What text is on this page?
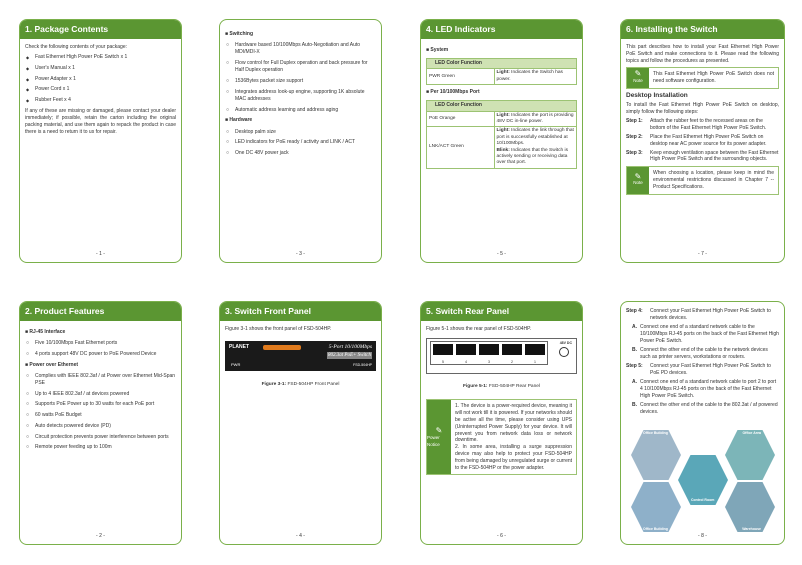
1. Package Contents

Check the following contents of your package:

◆ Fast Ethernet High Power PoE Switch x 1
◆ User's Manual x 1
◆ Power Adapter x 1
◆ Power Cord x 1
◆ Rubber Feet x 4

If any of these are missing or damaged, please contact your dealer immediately; if possible, retain the carton including the original packing material, and use them again to repack the product in case there is a need to return it to us for repair.

- 1 -
■ Switching
○ Hardware based 10/100Mbps Auto-Negotiation and Auto MDI/MDI-X
○ Flow control for Full Duplex operation and back pressure for Half Duplex operation
○ 1536Bytes packet size support
○ Integrates address look-up engine, supporting 1K absolute MAC addresses
○ Automatic address learning and address aging
■ Hardware
○ Desktop palm size
○ LED indicators for PoE ready / activity and LINK / ACT
○ One DC 48V power jack
- 3 -
4. LED Indicators
■ System
LED Color Function
PWR Green	Light: Indicates the Switch has power.
■ Per 10/100Mbps Port
LED Color Function	
PoE Orange	Light: Indicates the port is providing 48V DC in-line power.
LNK/ACT Green	Light: Indicates the link through that port is successfully established at 10/100Mbps.
Blink: Indicates that the Switch is actively sending or receiving data over that port.
- 5 -
6. Installing the Switch

This part describes how to install your Fast Ethernet High Power PoE Switch and make connections to it. Please read the following topics and follow the procedures as presented.

✎
Note
This Fast Ethernet High Power PoE Switch does not need software configuration.
Desktop Installation

To install the Fast Ethernet High Power PoE Switch on desktop, simply follow the following steps:

Step 1:	Attach the rubber feet to the recessed areas on the bottom of the Fast Ethernet High Power PoE Switch.
Step 2:	Place the Fast Ethernet High Power PoE Switch on desktop near AC power source for its power adapter.
Step 3:	Keep enough ventilation space between the Fast Ethernet High Power PoE Switch and the surrounding objects.
✎
Note
When choosing a location, please keep in mind the environmental restrictions discussed in Chapter 7 -- Product Specifications.
- 7 -
2. Product Features
■ RJ-45 Interface
○ Five 10/100Mbps Fast Ethernet ports
○ 4 ports support 48V DC power to PoE Powered Device
■ Power over Ethernet
○ Complies with IEEE 802.3af / at Power over Ethernet Mid-Span PSE
○ Up to 4 IEEE 802.3af / at devices powered
○ Supports PoE Power up to 30 watts for each PoE port
○ 60 watts PoE Budget
○ Auto detects powered device (PD)
○ Circuit protection prevents power interference between ports
○ Remote power feeding up to 100m
- 2 -
3. Switch Front Panel

Figure 3-1 shows the front panel of FSD-504HP.

PLANET
PWR
5-Port 10/100Mbps
802.3at PoE+ Switch
FSD-504HP
Figure 3-1: FSD-504HP Front Panel
- 4 -
5. Switch Rear Panel

Figure 5-1 shows the rear panel of FSD-504HP.

5	4	3	2	1
48V DC
Figure 5-1: FSD-504HP Rear Panel
✎
Power Notice
1. The device is a power-required device, meaning it will not work till it is powered. If your networks should be active all the time, please consider using UPS (Uninterrupted Power Supply) for your device. It will prevent you from network data loss or network downtime.
2. In some area, installing a surge suppression device may also help to protect your FSD-504HP from being damaged by unregulated surge or current to the FSD-504HP or the power adapter.
- 6 -
Step 4:	Connect your Fast Ethernet High Power PoE Switch to network devices.
A. Connect one end of a standard network cable to the 10/100Mbps RJ-45 ports on the back of the Fast Ethernet High Power PoE Switch.
B. Connect the other end of the cable to the network devices such as printer servers, workstations or routers.
Step 5:	Connect your Fast Ethernet High Power PoE Switch to PoE PD devices.
A. Connect one end of a standard network cable to port 2 to port 4 10/100Mbps RJ-45 ports on the back of the Fast Ethernet High Power PoE Switch.
B. Connect the other end of the cable to the 802.3at / af powered devices.
Office Building	Office Area
Control Room
Office Building	Warehouse
- 8 -
